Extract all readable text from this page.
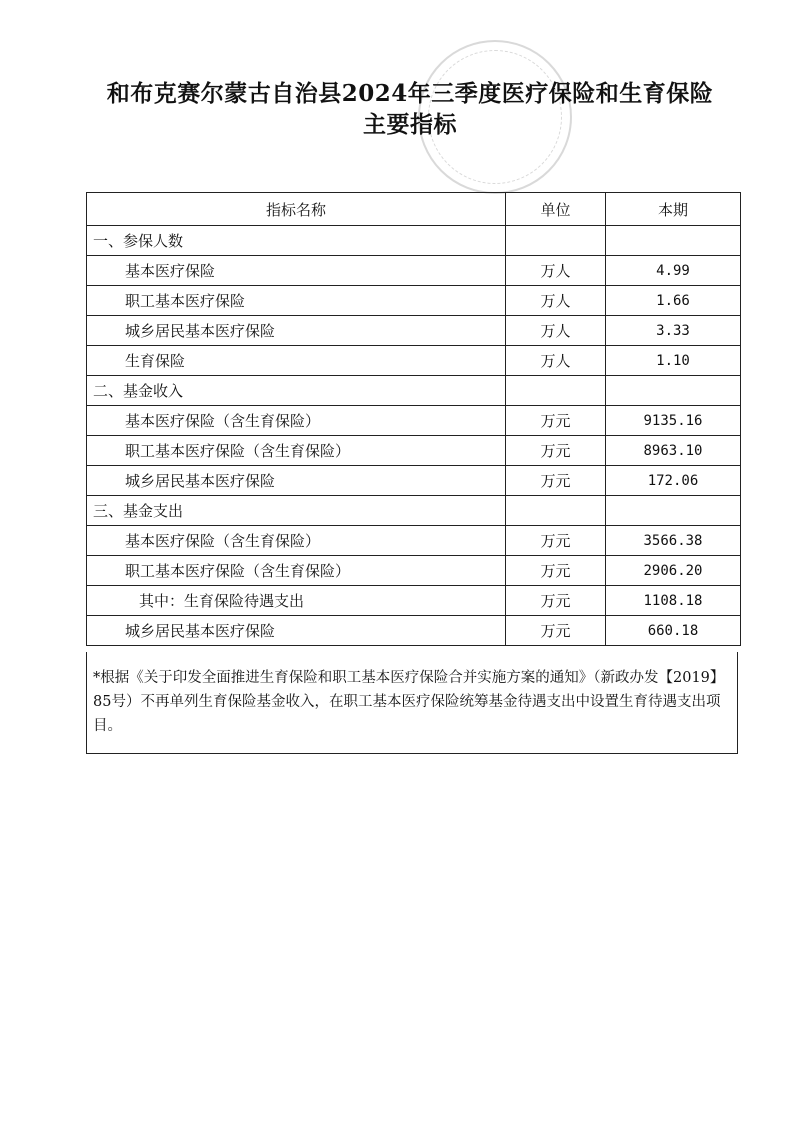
和布克赛尔蒙古自治县2024年三季度医疗保险和生育保险
主要指标
指标名称	单位	本期
一、参保人数		
基本医疗保险	万人	4.99
职工基本医疗保险	万人	1.66
城乡居民基本医疗保险	万人	3.33
生育保险	万人	1.10
二、基金收入		
基本医疗保险（含生育保险）	万元	9135.16
职工基本医疗保险（含生育保险）	万元	8963.10
城乡居民基本医疗保险	万元	172.06
三、基金支出		
基本医疗保险（含生育保险）	万元	3566.38
职工基本医疗保险（含生育保险）	万元	2906.20
其中：生育保险待遇支出	万元	1108.18
城乡居民基本医疗保险	万元	660.18
*根据《关于印发全面推进生育保险和职工基本医疗保险合并实施方案的通知》（新政办发【2019】85号）不再单列生育保险基金收入，在职工基本医疗保险统筹基金待遇支出中设置生育待遇支出项目。
